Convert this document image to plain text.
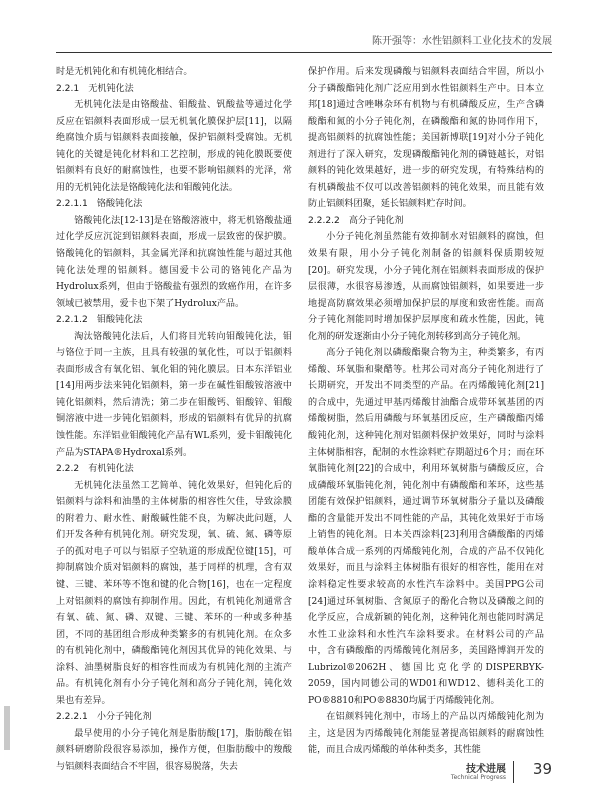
陈开强等：水性铝颜料工业化技术的发展

时是无机钝化和有机钝化相结合。

2.2.1 无机钝化法

无机钝化法是由铬酸盐、钼酸盐、钒酸盐等通过化学反应在铝颜料表面形成一层无机氧化膜保护层[11]，以隔绝腐蚀介质与铝颜料表面接触，保护铝颜料受腐蚀。无机钝化的关键是钝化材料和工艺控制，形成的钝化膜既要使铝颜料有良好的耐腐蚀性，也要不影响铝颜料的光泽，常用的无机钝化法是铬酸钝化法和钼酸钝化法。

2.2.1.1 铬酸钝化法

铬酸钝化法[12-13]是在铬酸溶液中，将无机铬酸盐通过化学反应沉淀到铝颜料表面，形成一层致密的保护膜。铬酸钝化的铝颜料，其金属光泽和抗腐蚀性能与超过其他钝化法处理的铝颜料。德国爱卡公司的铬钝化产品为Hydrolux系列，但由于铬酸盐有强烈的致癌作用，在许多领域已被禁用，爱卡也下架了Hydrolux产品。

2.2.1.2 钼酸钝化法

淘汰铬酸钝化法后，人们将目光转向钼酸钝化法，钼与铬位于同一主族，且具有较强的氧化性，可以于铝颜料表面形成含有氧化铝、氧化钼的钝化膜层。日本东洋铝业[14]用两步法来钝化铝颜料，第一步在碱性钼酸铵溶液中钝化铝颜料，然后清洗；第二步在钼酸钙、钼酸锌、钼酸铜溶液中进一步钝化铝颜料，形成的铝颜料有优异的抗腐蚀性能。东洋铝业钼酸钝化产品有WL系列，爱卡钼酸钝化产品为STAPA®Hydroxal系列。

2.2.2 有机钝化法

无机钝化法虽然工艺简单、钝化效果好，但钝化后的铝颜料与涂料和油墨的主体树脂的相容性欠佳，导致涂膜的附着力、耐水性、耐酸碱性能不良，为解决此问题，人们开发各种有机钝化剂。研究发现，氧、硫、氮、磷等原子的孤对电子可以与铝原子空轨道的形成配位键[15]，可抑制腐蚀介质对铝颜料的腐蚀，基于同样的机理，含有双键、三键、苯环等不饱和键的化合物[16]，也在一定程度上对铝颜料的腐蚀有抑制作用。因此，有机钝化剂通常含有氧、硫、氮、磷、双键、三键、苯环的一种或多种基团，不同的基团组合形成种类繁多的有机钝化剂。在众多的有机钝化剂中，磷酸酯钝化剂因其优异的钝化效果、与涂料、油墨树脂良好的相容性而成为有机钝化剂的主流产品。有机钝化剂有小分子钝化剂和高分子钝化剂，钝化效果也有差异。

2.2.2.1 小分子钝化剂

最早使用的小分子钝化剂是脂肪酸[17]，脂肪酸在铝颜料研磨阶段很容易添加，操作方便，但脂肪酸中的羧酸与铝颜料表面结合不牢固，很容易脱落，失去

保护作用。后来发现磷酸与铝颜料表面结合牢固，所以小分子磷酸酯钝化剂广泛应用到水性铝颜料生产中。日本立邦[18]通过含唑啉杂环有机物与有机磷酸反应，生产含磷酸酯和氮的小分子钝化剂，在磷酸酯和氮的协同作用下，提高铝颜料的抗腐蚀性能；美国新博联[19]对小分子钝化剂进行了深入研究，发现磷酸酯钝化剂的磷链越长，对铝颜料的钝化效果越好，进一步的研究发现，有特殊结构的有机磷酸盐不仅可以改善铝颜料的钝化效果，而且能有效防止铝颜料团聚，延长铝颜料贮存时间。

2.2.2.2 高分子钝化剂

小分子钝化剂虽然能有效抑制水对铝颜料的腐蚀，但效果有限，用小分子钝化剂制备的铝颜料保质期较短[20]。研究发现，小分子钝化剂在铝颜料表面形成的保护层很薄，水很容易渗透，从而腐蚀铝颜料，如果要进一步地提高防腐效果必须增加保护层的厚度和致密性能。而高分子钝化剂能同时增加保护层厚度和疏水性能，因此，钝化剂的研发逐渐由小分子钝化剂转移到高分子钝化剂。

高分子钝化剂以磷酸酯聚合物为主，种类繁多，有丙烯酸、环氧脂和聚醋等。杜邦公司对高分子钝化剂进行了长期研究，开发出不同类型的产品。在丙烯酸钝化剂[21]的合成中，先通过甲基丙烯酸甘油酯合成带环氧基团的丙烯酸树脂，然后用磷酸与环氧基团反应，生产磷酸酯丙烯酸钝化剂，这种钝化剂对铝颜料保护效果好，同时与涂料主体树脂相容，配制的水性涂料贮存期超过6个月；而在环氧脂钝化剂[22]的合成中，利用环氧树脂与磷酸反应，合成磷酸环氧脂钝化剂，钝化剂中有磷酸酯和苯环，这些基团能有效保护铝颜料，通过调节环氧树脂分子量以及磷酸酯的含量能开发出不同性能的产品，其钝化效果好于市场上销售的钝化剂。日本关西涂料[23]利用含磷酸酯的丙烯酸单体合成一系列的丙烯酸钝化剂，合成的产品不仅钝化效果好，而且与涂料主体树脂有很好的相容性，能用在对涂料稳定性要求较高的水性汽车涂料中。美国PPG公司[24]通过环氧树脂、含氮原子的酚化合物以及磷酸之间的化学反应，合成新颖的钝化剂，这种钝化剂也能同时满足水性工业涂料和水性汽车涂料要求。在材料公司的产品中，含有磷酸酯的丙烯酸钝化剂居多，美国路博润开发的Lubrizol®2062H、德国比克化学的DISPERBYK-2059，国内同德公司的WD01和WD12、德科美化工的PO®8810和PO®8830均属于丙烯酸钝化剂。

在铝颜料钝化剂中，市场上的产品以丙烯酸钝化剂为主，这是因为丙烯酸钝化剂能显著提高铝颜料的耐腐蚀性能，而且合成丙烯酸的单体种类多，其性能

技术进展
Technical Progress 39
